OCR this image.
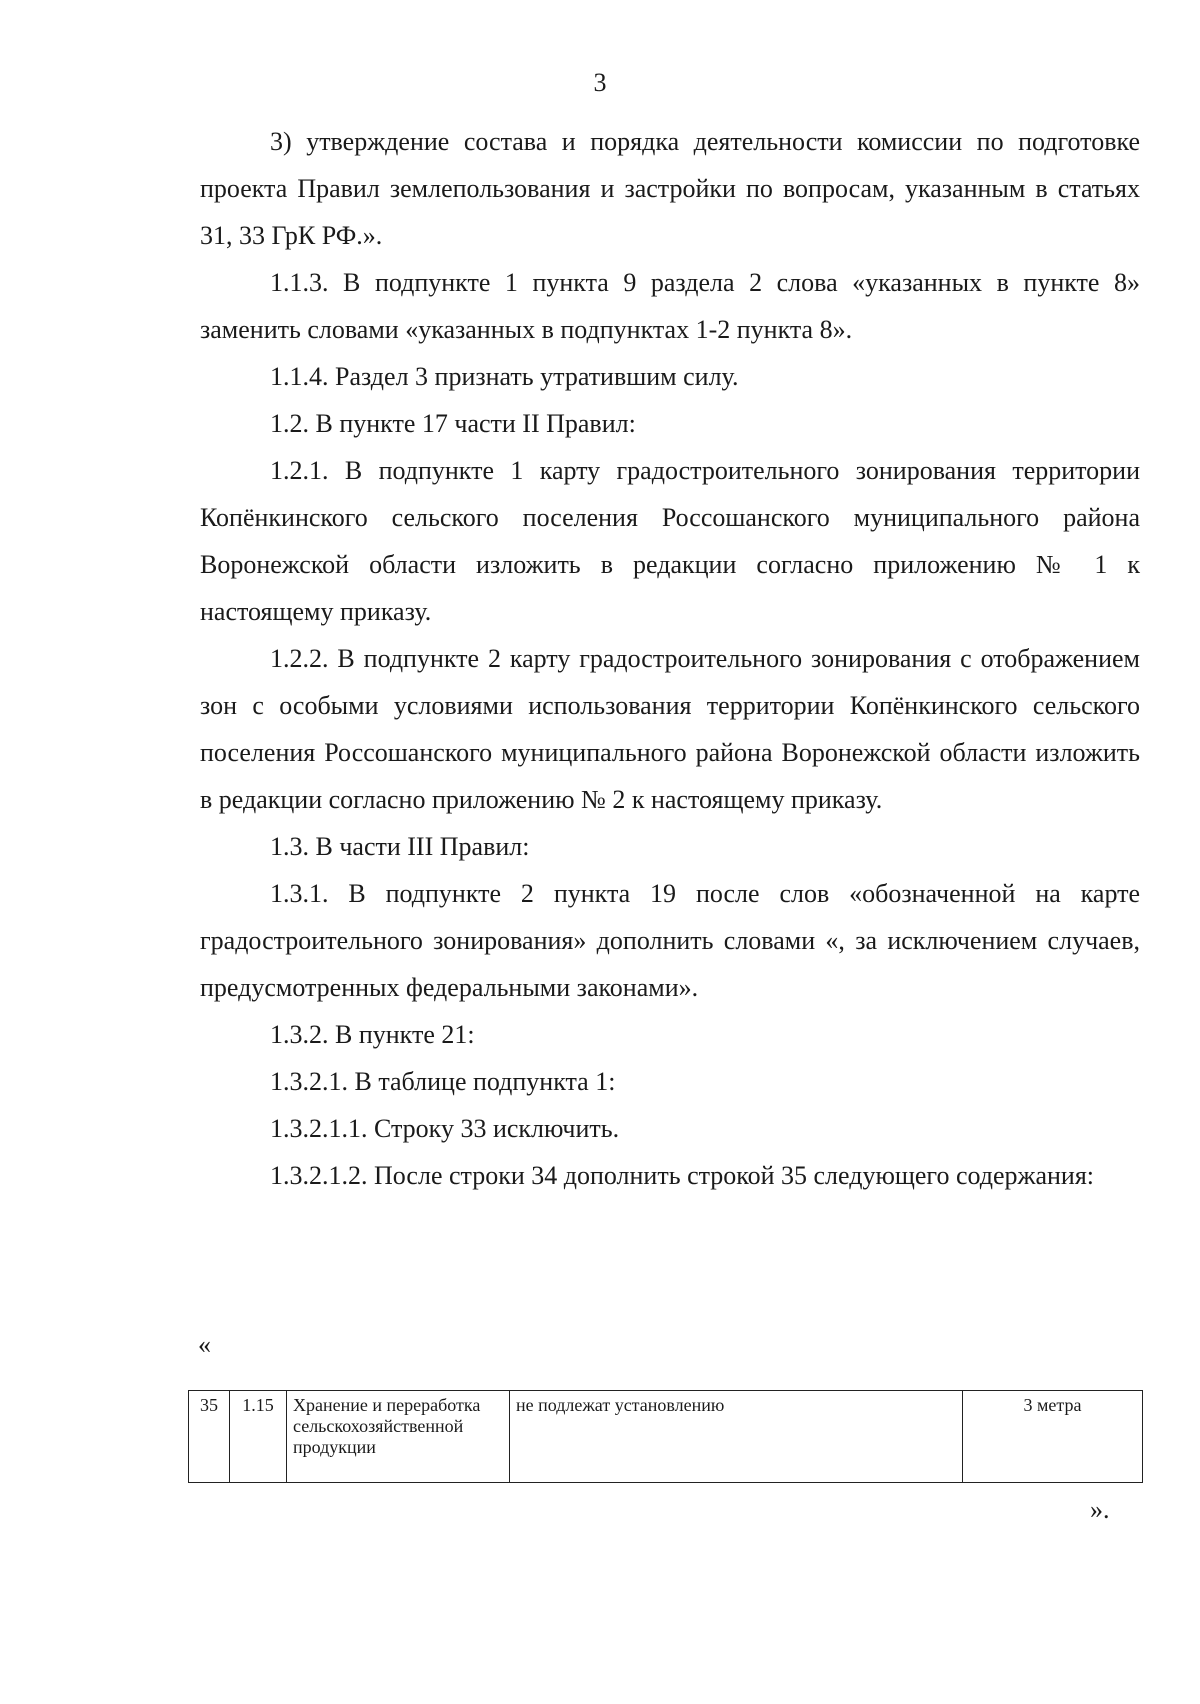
3

3) утверждение состава и порядка деятельности комиссии по подготовке проекта Правил землепользования и застройки по вопросам, указанным в статьях 31, 33 ГрК РФ.».

1.1.3. В подпункте 1 пункта 9 раздела 2 слова «указанных в пункте 8» заменить словами «указанных в подпунктах 1-2 пункта 8».

1.1.4. Раздел 3 признать утратившим силу.

1.2. В пункте 17 части II Правил:

1.2.1. В подпункте 1 карту градостроительного зонирования территории Копёнкинского сельского поселения Россошанского муниципального района Воронежской области изложить в редакции согласно приложению № 1 к настоящему приказу.

1.2.2. В подпункте 2 карту градостроительного зонирования с отображением зон с особыми условиями использования территории Копёнкинского сельского поселения Россошанского муниципального района Воронежской области изложить в редакции согласно приложению № 2 к настоящему приказу.

1.3. В части III Правил:

1.3.1. В подпункте 2 пункта 19 после слов «обозначенной на карте градостроительного зонирования» дополнить словами «, за исключением случаев, предусмотренных федеральными законами».

1.3.2. В пункте 21:

1.3.2.1. В таблице подпункта 1:

1.3.2.1.1. Строку 33 исключить.

1.3.2.1.2. После строки 34 дополнить строкой 35 следующего содержания:

«
35	1.15	Хранение и переработка сельскохозяйственной продукции	не подлежат установлению	3 метра
».
